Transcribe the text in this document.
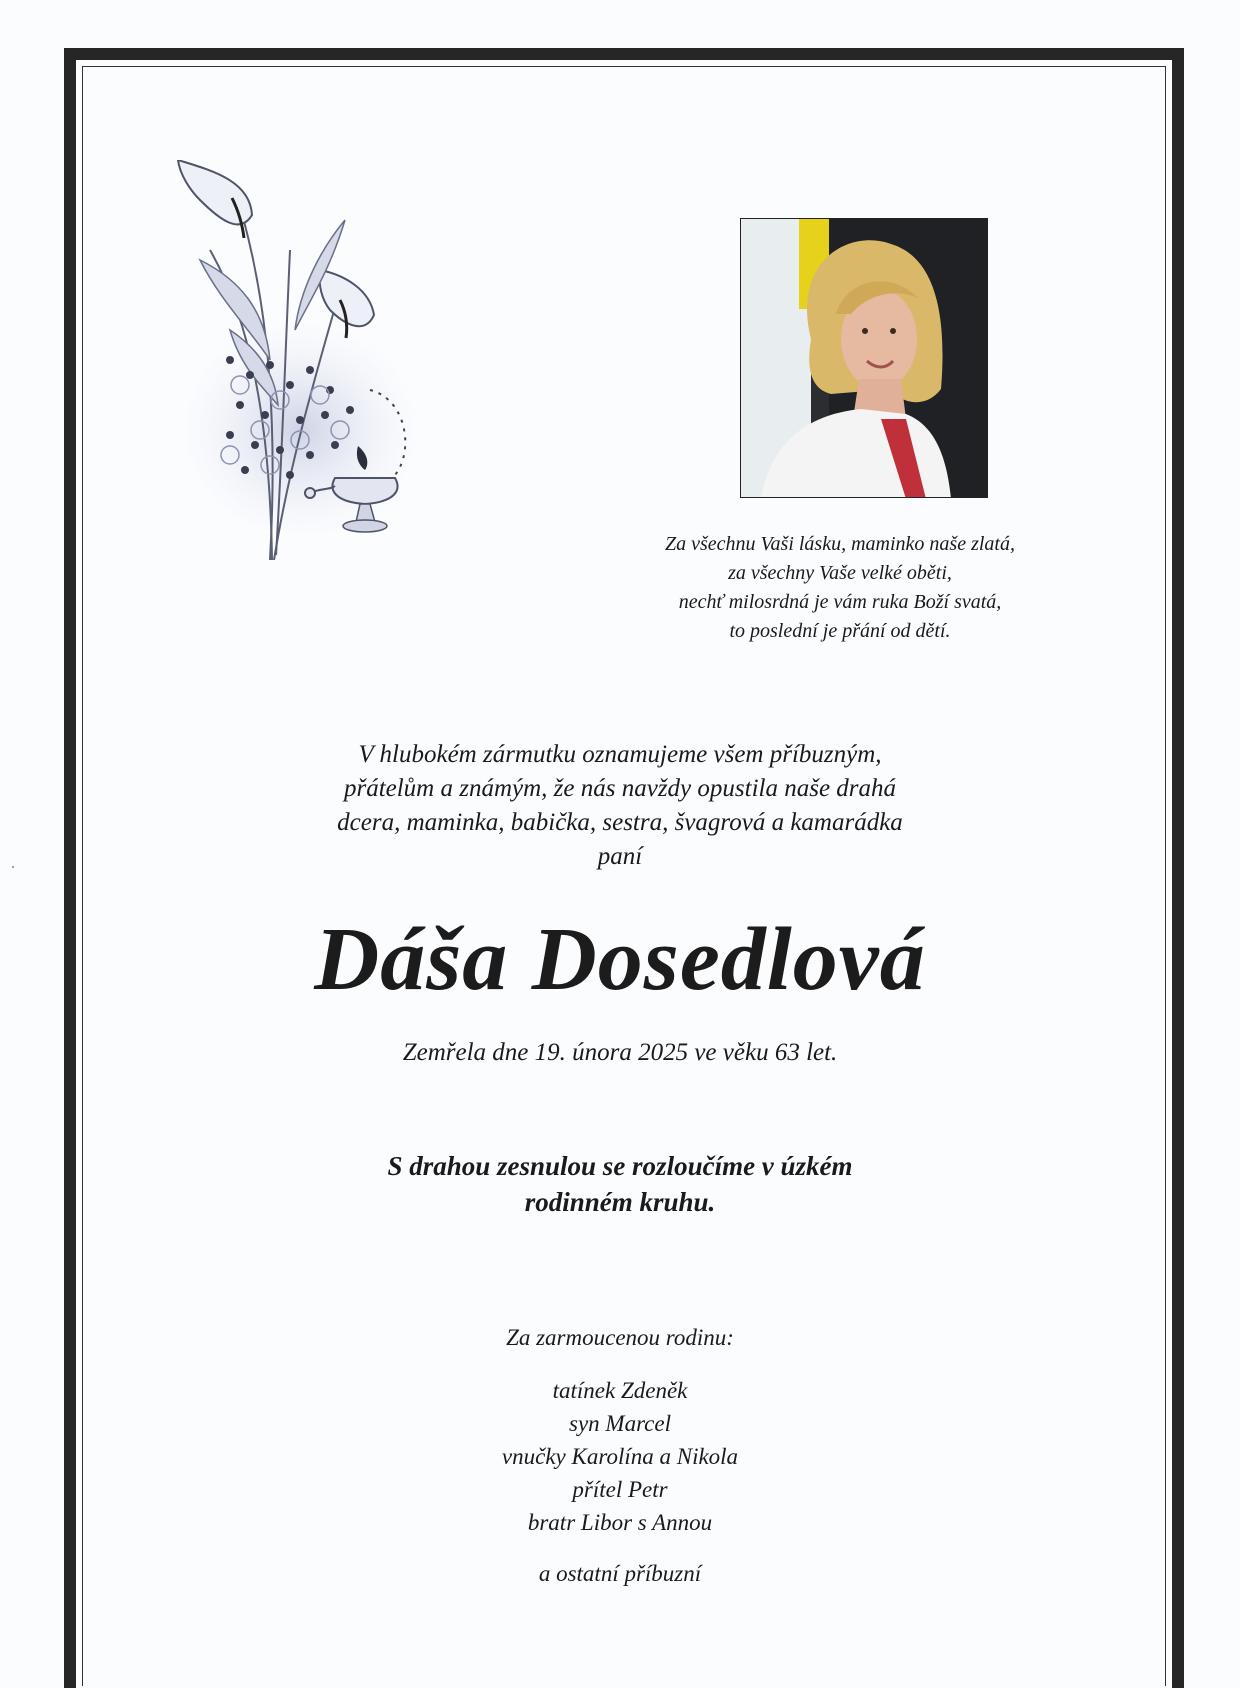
Za všechnu Vaši lásku, maminko naše zlatá,
za všechny Vaše velké oběti,
nechť milosrdná je vám ruka Boží svatá,
to poslední je přání od dětí.
V hlubokém zármutku oznamujeme všem příbuzným,
přátelům a známým, že nás navždy opustila naše drahá
dcera, maminka, babička, sestra, švagrová a kamarádka
paní
Dáša Dosedlová
Zemřela dne 19. února 2025 ve věku 63 let.
S drahou zesnulou se rozloučíme v úzkém
rodinném kruhu.
Za zarmoucenou rodinu:
tatínek Zdeněk
syn Marcel
vnučky Karolína a Nikola
přítel Petr
bratr Libor s Annou
a ostatní příbuzní
